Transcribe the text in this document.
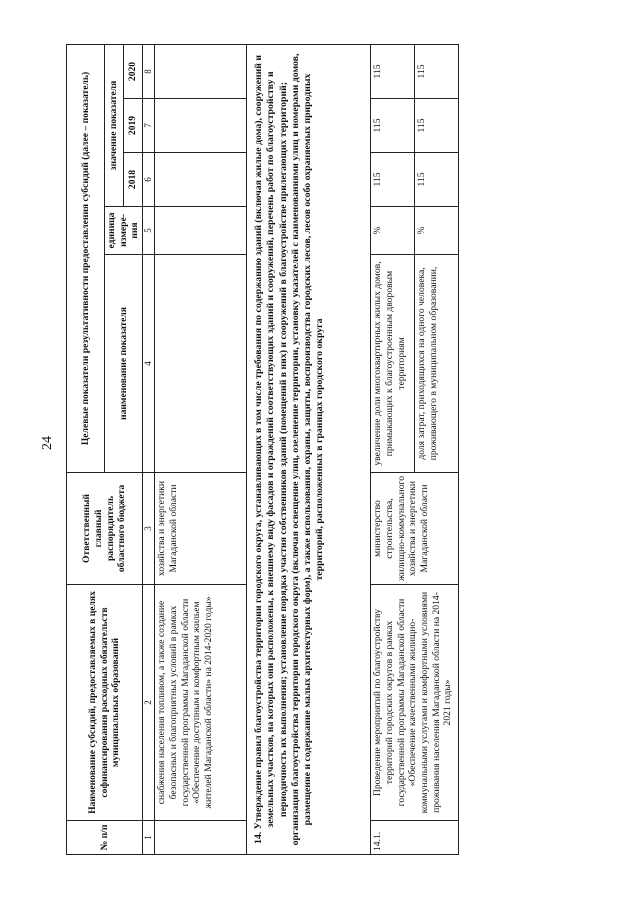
24
№ п/п	Наименование субсидий, предоставляемых в целях софинансирования расходных обязательств муниципальных образований	Ответственный главный распорядитель областного бюджета	Целевые показатели результативности предоставления субсидий (далее – показатель)				
			наименование показателя	единица измере-ния	значение показателя		
					2018	2019	2020
1	2	3	4	5	6	7	8
	снабжения населения топливом, а также создание безопасных и благоприятных условий в рамках государственной программы Магаданской области «Обеспечение доступным и комфортным жильем жителей Магаданской области» на 2014-2020 годы»	хозяйства и энергетики Магаданской области					
14. Утверждение правил благоустройства территории городского округа, устанавливающих в том числе требования по содержанию зданий (включая жилые дома), сооружений и земельных участков, на которых они расположены, к внешнему виду фасадов и ограждений соответствующих зданий и сооружений, перечень работ по благоустройству и периодичность их выполнения; установление порядка участия собственников зданий (помещений в них) и сооружений в благоустройстве прилегающих территорий; организация благоустройства территории городского округа (включая освещение улиц, озеленение территории, установку указателей с наименованиями улиц и номерами домов, размещение и содержание малых архитектурных форм), а также использования, охраны, защиты, воспроизводства городских лесов, лесов особо охраняемых природных территорий, расположенных в границах городского округа							
14.1.	Проведение мероприятий по благоустройству территорий городских округов в рамках государственной программы Магаданской области «Обеспечение качественными жилищно-коммунальными услугами и комфортными условиями проживания населения Магаданской области на 2014-2021 годы»	министерство строительства, жилищно-коммунального хозяйства и энергетики Магаданской области	увеличение доли многоквартирных жилых домов, примыкающих к благоустроенным дворовым территориям	%	115	115	115
			доля затрат, приходящихся на одного человека, проживающего в муниципальном образовании,	%	115	115	115
